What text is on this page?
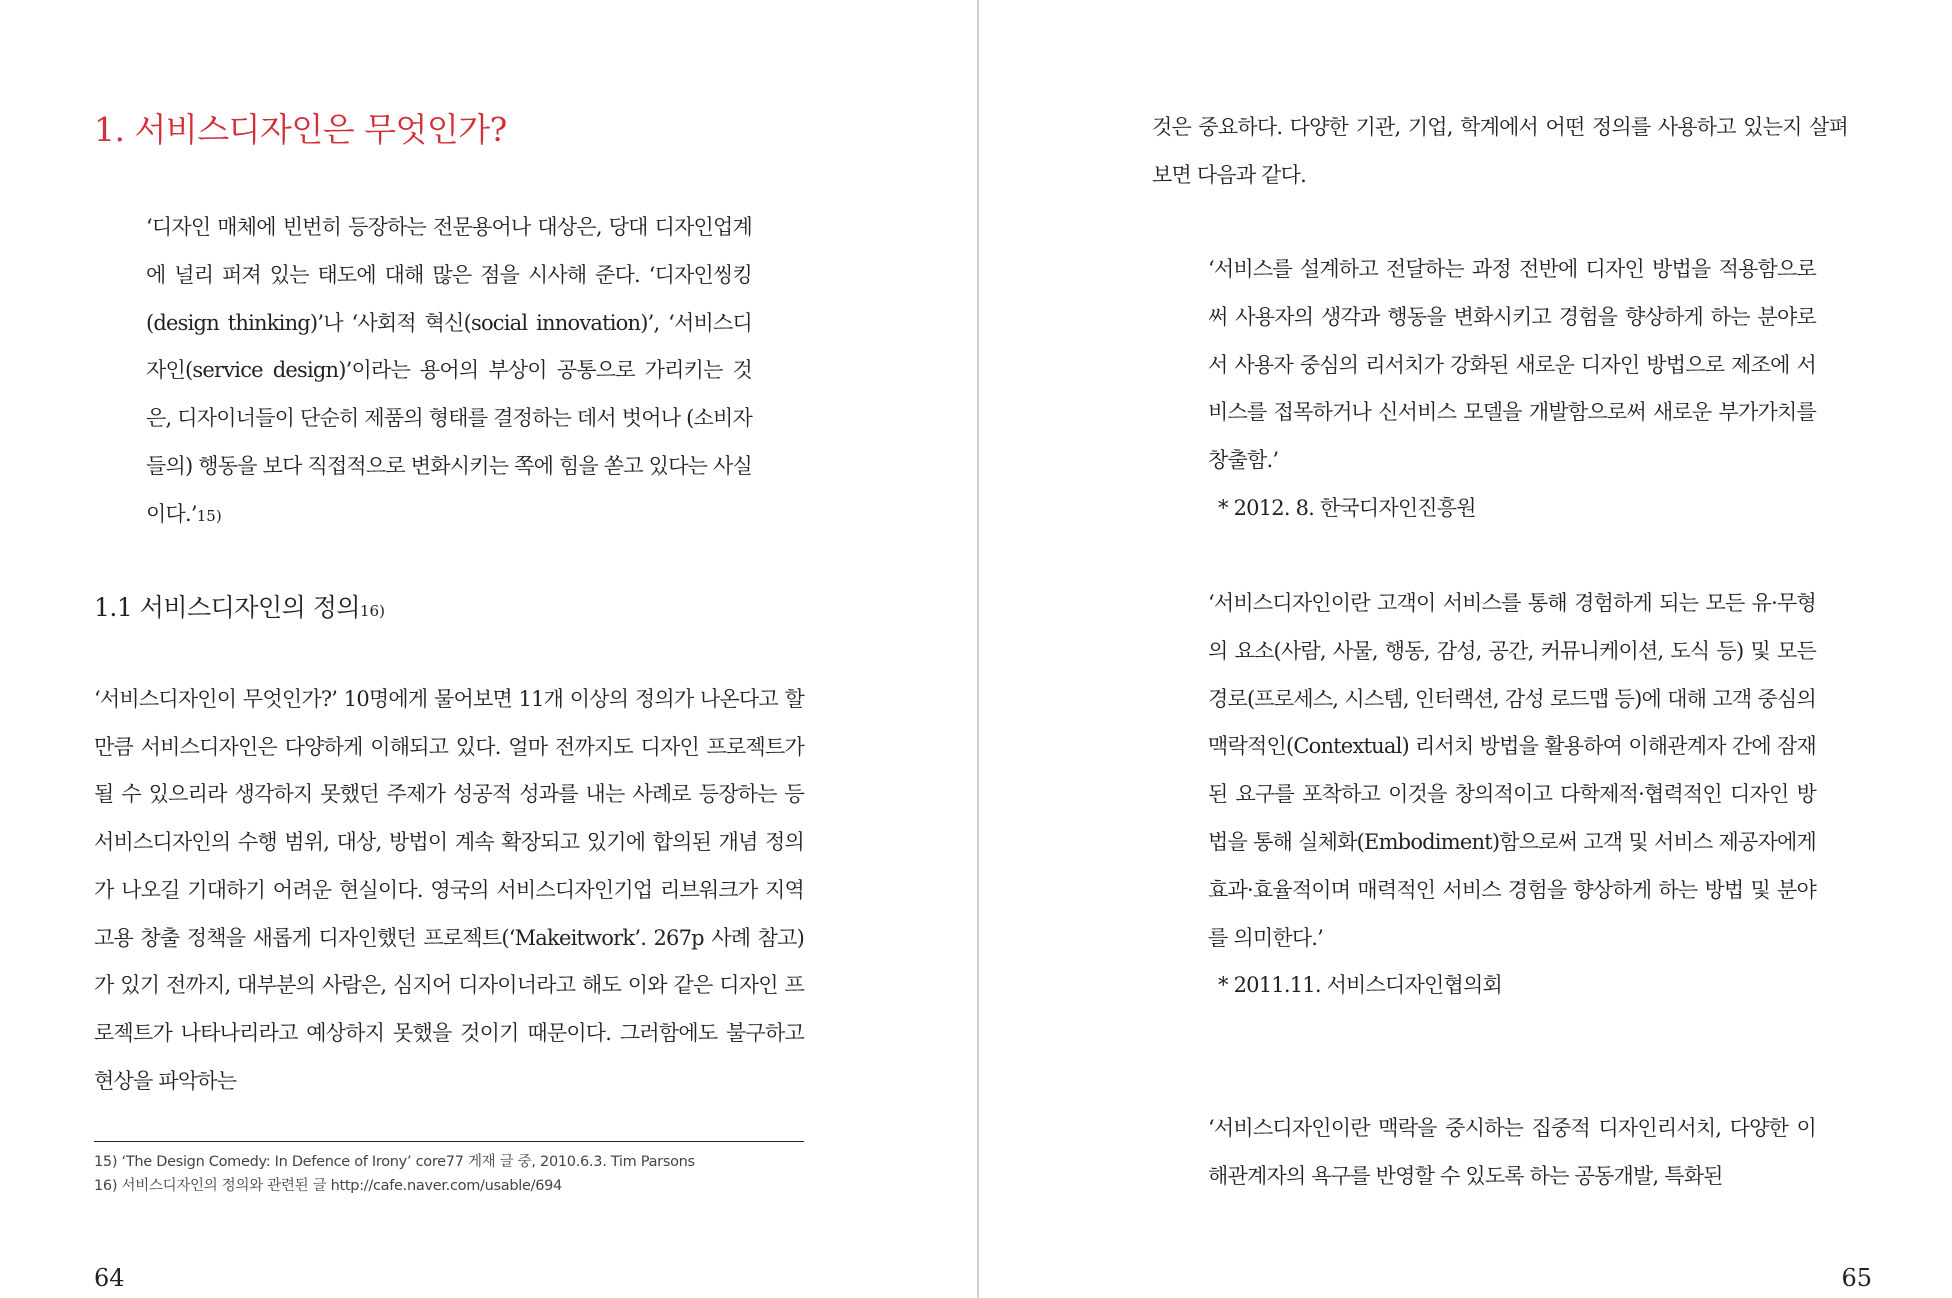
1. 서비스디자인은 무엇인가?

‘디자인 매체에 빈번히 등장하는 전문용어나 대상은, 당대 디자인업계에 널리 퍼져 있는 태도에 대해 많은 점을 시사해 준다. ‘디자인씽킹(design thinking)’나 ‘사회적 혁신(social innovation)’, ‘서비스디자인(service design)’이라는 용어의 부상이 공통으로 가리키는 것은, 디자이너들이 단순히 제품의 형태를 결정하는 데서 벗어나 (소비자들의) 행동을 보다 직접적으로 변화시키는 쪽에 힘을 쏟고 있다는 사실이다.’15)

1.1 서비스디자인의 정의16)

‘서비스디자인이 무엇인가?’ 10명에게 물어보면 11개 이상의 정의가 나온다고 할 만큼 서비스디자인은 다양하게 이해되고 있다. 얼마 전까지도 디자인 프로젝트가 될 수 있으리라 생각하지 못했던 주제가 성공적 성과를 내는 사례로 등장하는 등 서비스디자인의 수행 범위, 대상, 방법이 계속 확장되고 있기에 합의된 개념 정의가 나오길 기대하기 어려운 현실이다. 영국의 서비스디자인기업 리브워크가 지역 고용 창출 정책을 새롭게 디자인했던 프로젝트(‘Makeitwork’. 267p 사례 참고)가 있기 전까지, 대부분의 사람은, 심지어 디자이너라고 해도 이와 같은 디자인 프로젝트가 나타나리라고 예상하지 못했을 것이기 때문이다. 그러함에도 불구하고 현상을 파악하는

15) ‘The Design Comedy: In Defence of Irony’ core77 게재 글 중, 2010.6.3. Tim Parsons
16) 서비스디자인의 정의와 관련된 글 http://cafe.naver.com/usable/694
64

것은 중요하다. 다양한 기관, 기업, 학계에서 어떤 정의를 사용하고 있는지 살펴보면 다음과 같다.

‘서비스를 설계하고 전달하는 과정 전반에 디자인 방법을 적용함으로써 사용자의 생각과 행동을 변화시키고 경험을 향상하게 하는 분야로서 사용자 중심의 리서치가 강화된 새로운 디자인 방법으로 제조에 서비스를 접목하거나 신서비스 모델을 개발함으로써 새로운 부가가치를 창출함.’

* 2012. 8. 한국디자인진흥원

‘서비스디자인이란 고객이 서비스를 통해 경험하게 되는 모든 유·무형의 요소(사람, 사물, 행동, 감성, 공간, 커뮤니케이션, 도식 등) 및 모든 경로(프로세스, 시스템, 인터랙션, 감성 로드맵 등)에 대해 고객 중심의 맥락적인(Contextual) 리서치 방법을 활용하여 이해관계자 간에 잠재된 요구를 포착하고 이것을 창의적이고 다학제적·협력적인 디자인 방법을 통해 실체화(Embodiment)함으로써 고객 및 서비스 제공자에게 효과·효율적이며 매력적인 서비스 경험을 향상하게 하는 방법 및 분야를 의미한다.’

* 2011.11. 서비스디자인협의회

‘서비스디자인이란 맥락을 중시하는 집중적 디자인리서치, 다양한 이해관계자의 욕구를 반영할 수 있도록 하는 공동개발, 특화된

65
